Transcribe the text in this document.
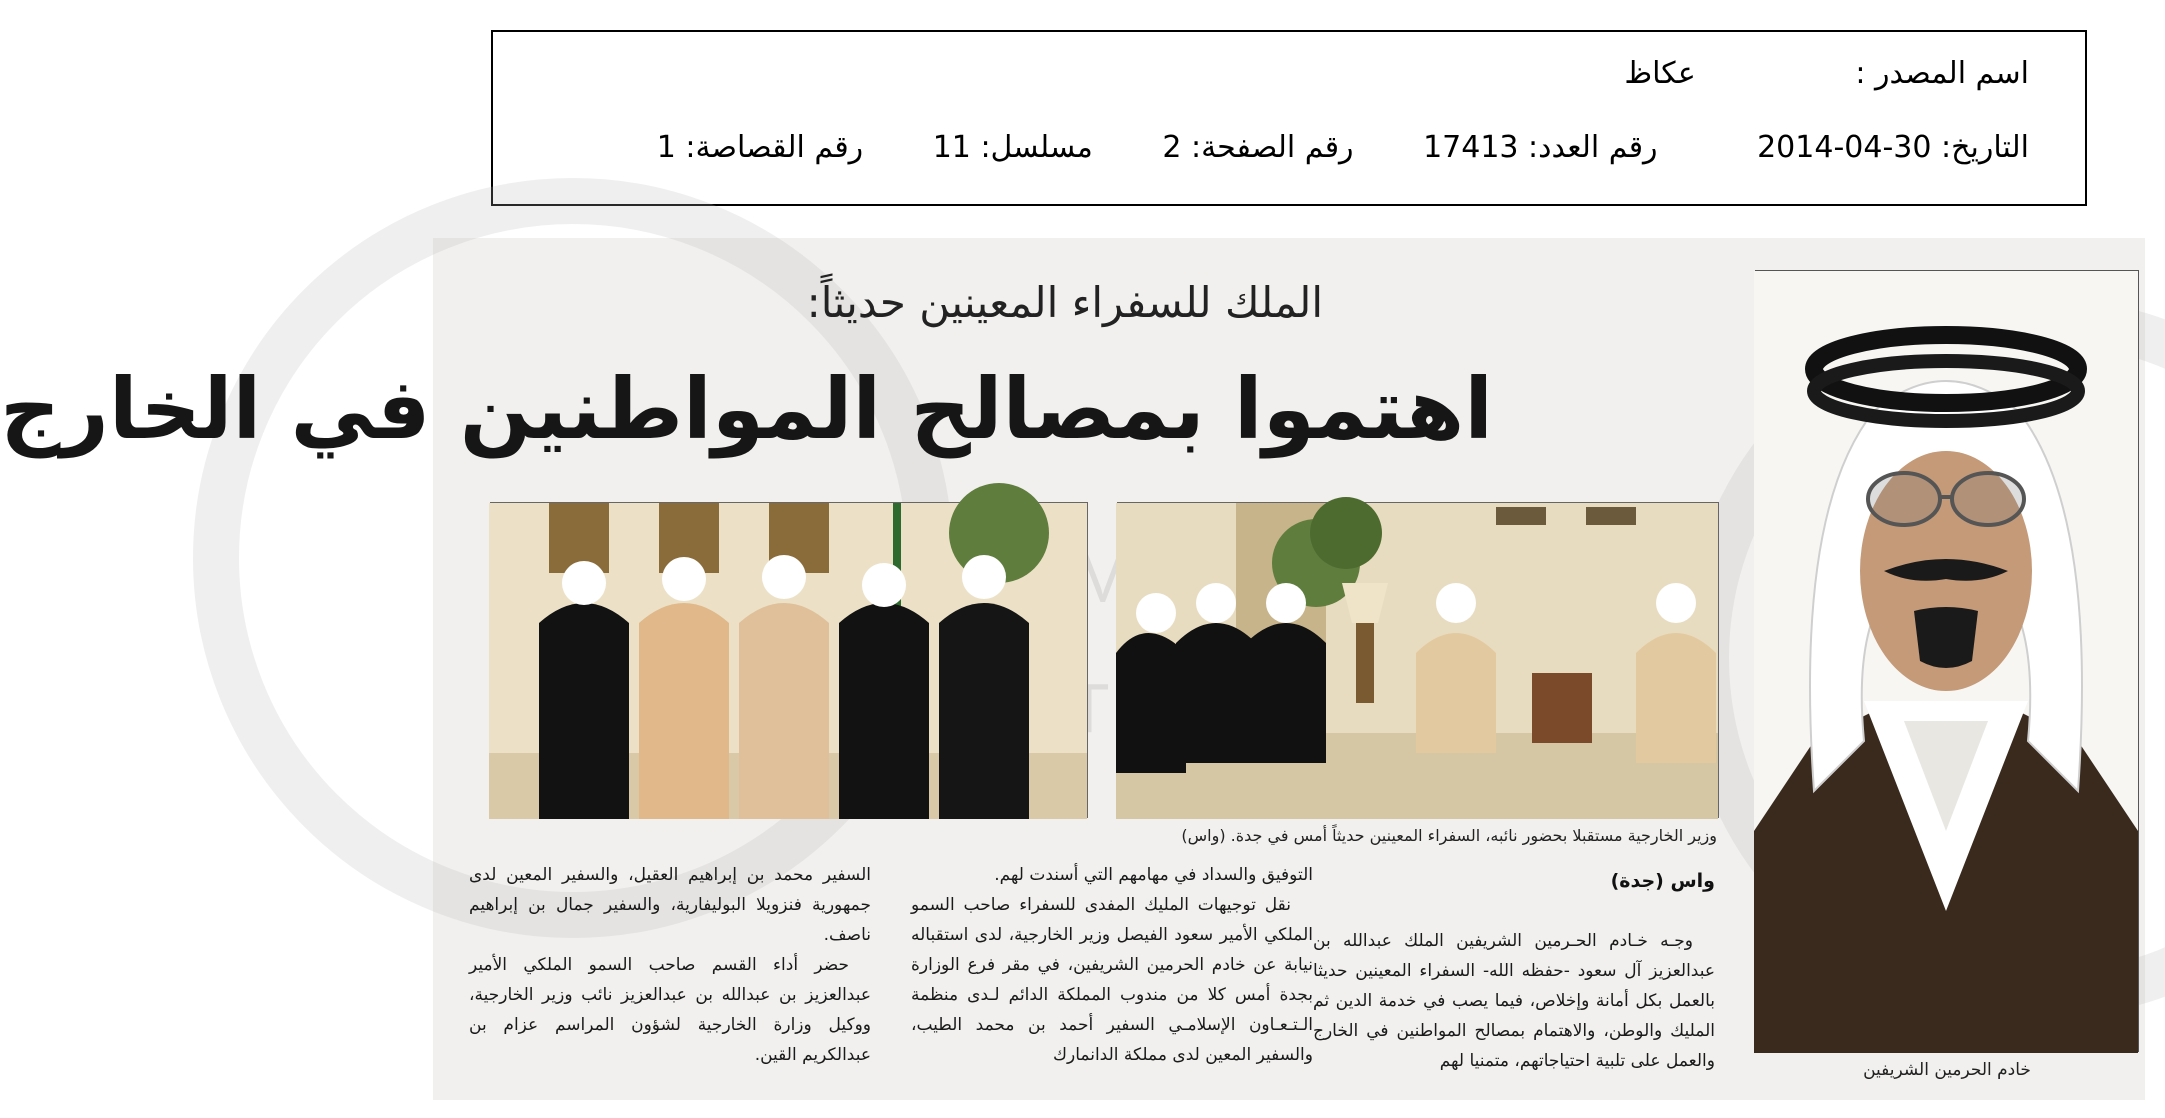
اسم المصدر : عكاظ
التاريخ: 30-04-2014 رقم العدد: 17413 رقم الصفحة: 2 مسلسل: 11 رقم القصاصة: 1
الملك للسفراء المعينين حديثاً:
اهتموا بمصالح المواطنين في الخارج
خادم الحرمين الشريفين
وزير الخارجية مستقبلا بحضور نائبه، السفراء المعينين حديثاً أمس في جدة. (واس)
واس (جدة)

وجـه خـادم الحـرمين الشريفين الملك عبدالله بن عبدالعزيز آل سعود -حفظه الله- السفراء المعينين حديثا بالعمل بكل أمانة وإخلاص، فيما يصب في خدمة الدين ثم المليك والوطن، والاهتمام بمصالح المواطنين في الخارج والعمل على تلبية احتياجاتهم، متمنيا لهم

التوفيق والسداد في مهامهم التي أسندت لهم.

نقل توجيهات المليك المفدى للسفراء صاحب السمو الملكي الأمير سعود الفيصل وزير الخارجية، لدى استقباله نيابة عن خادم الحرمين الشريفين، في مقر فرع الوزارة بجدة أمس كلا من مندوب المملكة الدائم لـدى منظمة الـتـعـاون الإسلامـي السفير أحمد بن محمد الطيب، والسفير المعين لدى مملكة الدانمارك

السفير محمد بن إبراهيم العقيل، والسفير المعين لدى جمهورية فنزويلا البوليفارية، والسفير جمال بن إبراهيم ناصف.

حضر أداء القسم صاحب السمو الملكي الأمير عبدالعزيز بن عبدالله بن عبدالعزيز نائب وزير الخارجية، ووكيل وزارة الخارجية لشؤون المراسم عزام بن عبدالكريم القين.
